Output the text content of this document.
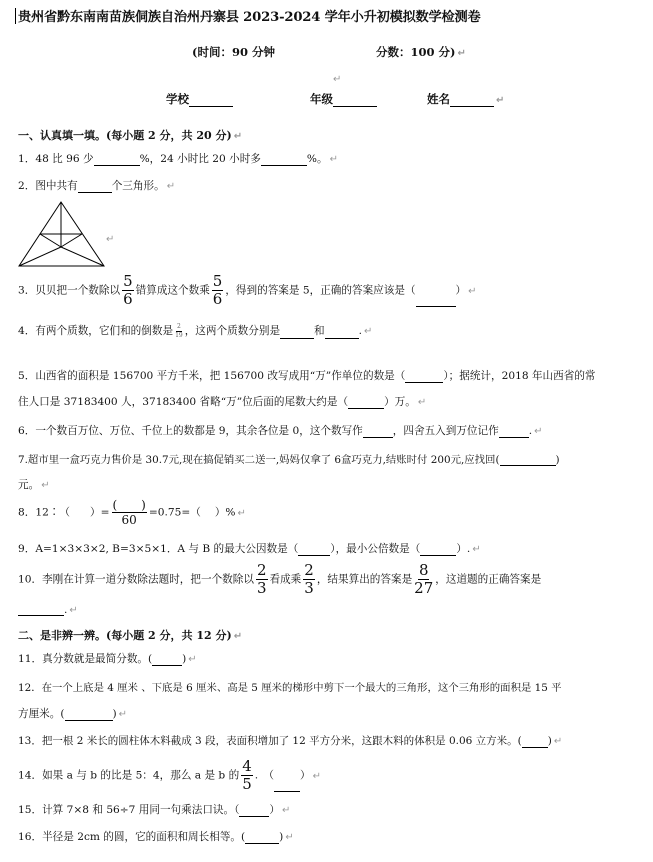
贵州省黔东南南苗族侗族自治州丹寨县 2023-2024 学年小升初模拟数学检测卷
(时间：90 分钟	分数：100 分) ↵
↵
学校	年级	姓名	↵
一、认真填一填。(每小题 2 分，共 20 分) ↵
1．48 比 96 少	%，24 小时比 20 小时多	%。 ↵
2．图中共有	个三角形。 ↵
↵
3．贝贝把一个数除以 $\frac{5}{6}$ 错算成这个数乘 $\frac{5}{6}$ ，得到的答案是 5，正确的答案应该是（	） ↵
4．有两个质数，它们和的倒数是 $\frac{2}{19}$ ，这两个质数分别是	和	. ↵
5．山西省的面积是 156700 平方千米，把 156700 改写成用“万”作单位的数是（	）；据统计，2018 年山西省的常
住人口是 37183400 人，37183400 省略“万”位后面的尾数大约是（	）万。 ↵
6．一个数百万位、万位、千位上的数都是 9，其余各位是 0，这个数写作	，四舍五入到万位记作	. ↵
7.超市里一盒巧克力售价是 30.7元,现在搞促销买二送一,妈妈仅拿了 6盒巧克力,结账时付 200元,应找回(	)
元。 ↵
8．12∶（ ）= $\frac{( )}{60} =0.75=$（ ）% ↵
9．A=1×3×3×2, B=3×5×1．A 与 B 的最大公因数是（	），最小公倍数是（	）. ↵
10．李刚在计算一道分数除法题时，把一个数除以 $\frac{2}{3}$ 看成乘 $\frac{2}{3}$ ，结果算出的答案是 $\frac{8}{27}$ ，这道题的正确答案是
. ↵
二、是非辨一辨。(每小题 2 分，共 12 分) ↵
11．真分数就是最简分数。(	) ↵
12．在一个上底是 4 厘米 、下底是 6 厘米、高是 5 厘米的梯形中剪下一个最大的三角形，这个三角形的面积是 15 平
方厘米。(	) ↵
13．把一根 2 米长的圆柱体木料截成 3 段，表面积增加了 12 平方分米，这跟木料的体积是 0.06 立方米。( ) ↵
14．如果 a 与 b 的比是 5：4，那么 a 是 b 的 $\frac{4}{5}$ .　（ ） ↵
15．计算 7×8 和 56÷7 用同一句乘法口诀。（	） ↵
16．半径是 2cm 的圆，它的面积和周长相等。(	) ↵
